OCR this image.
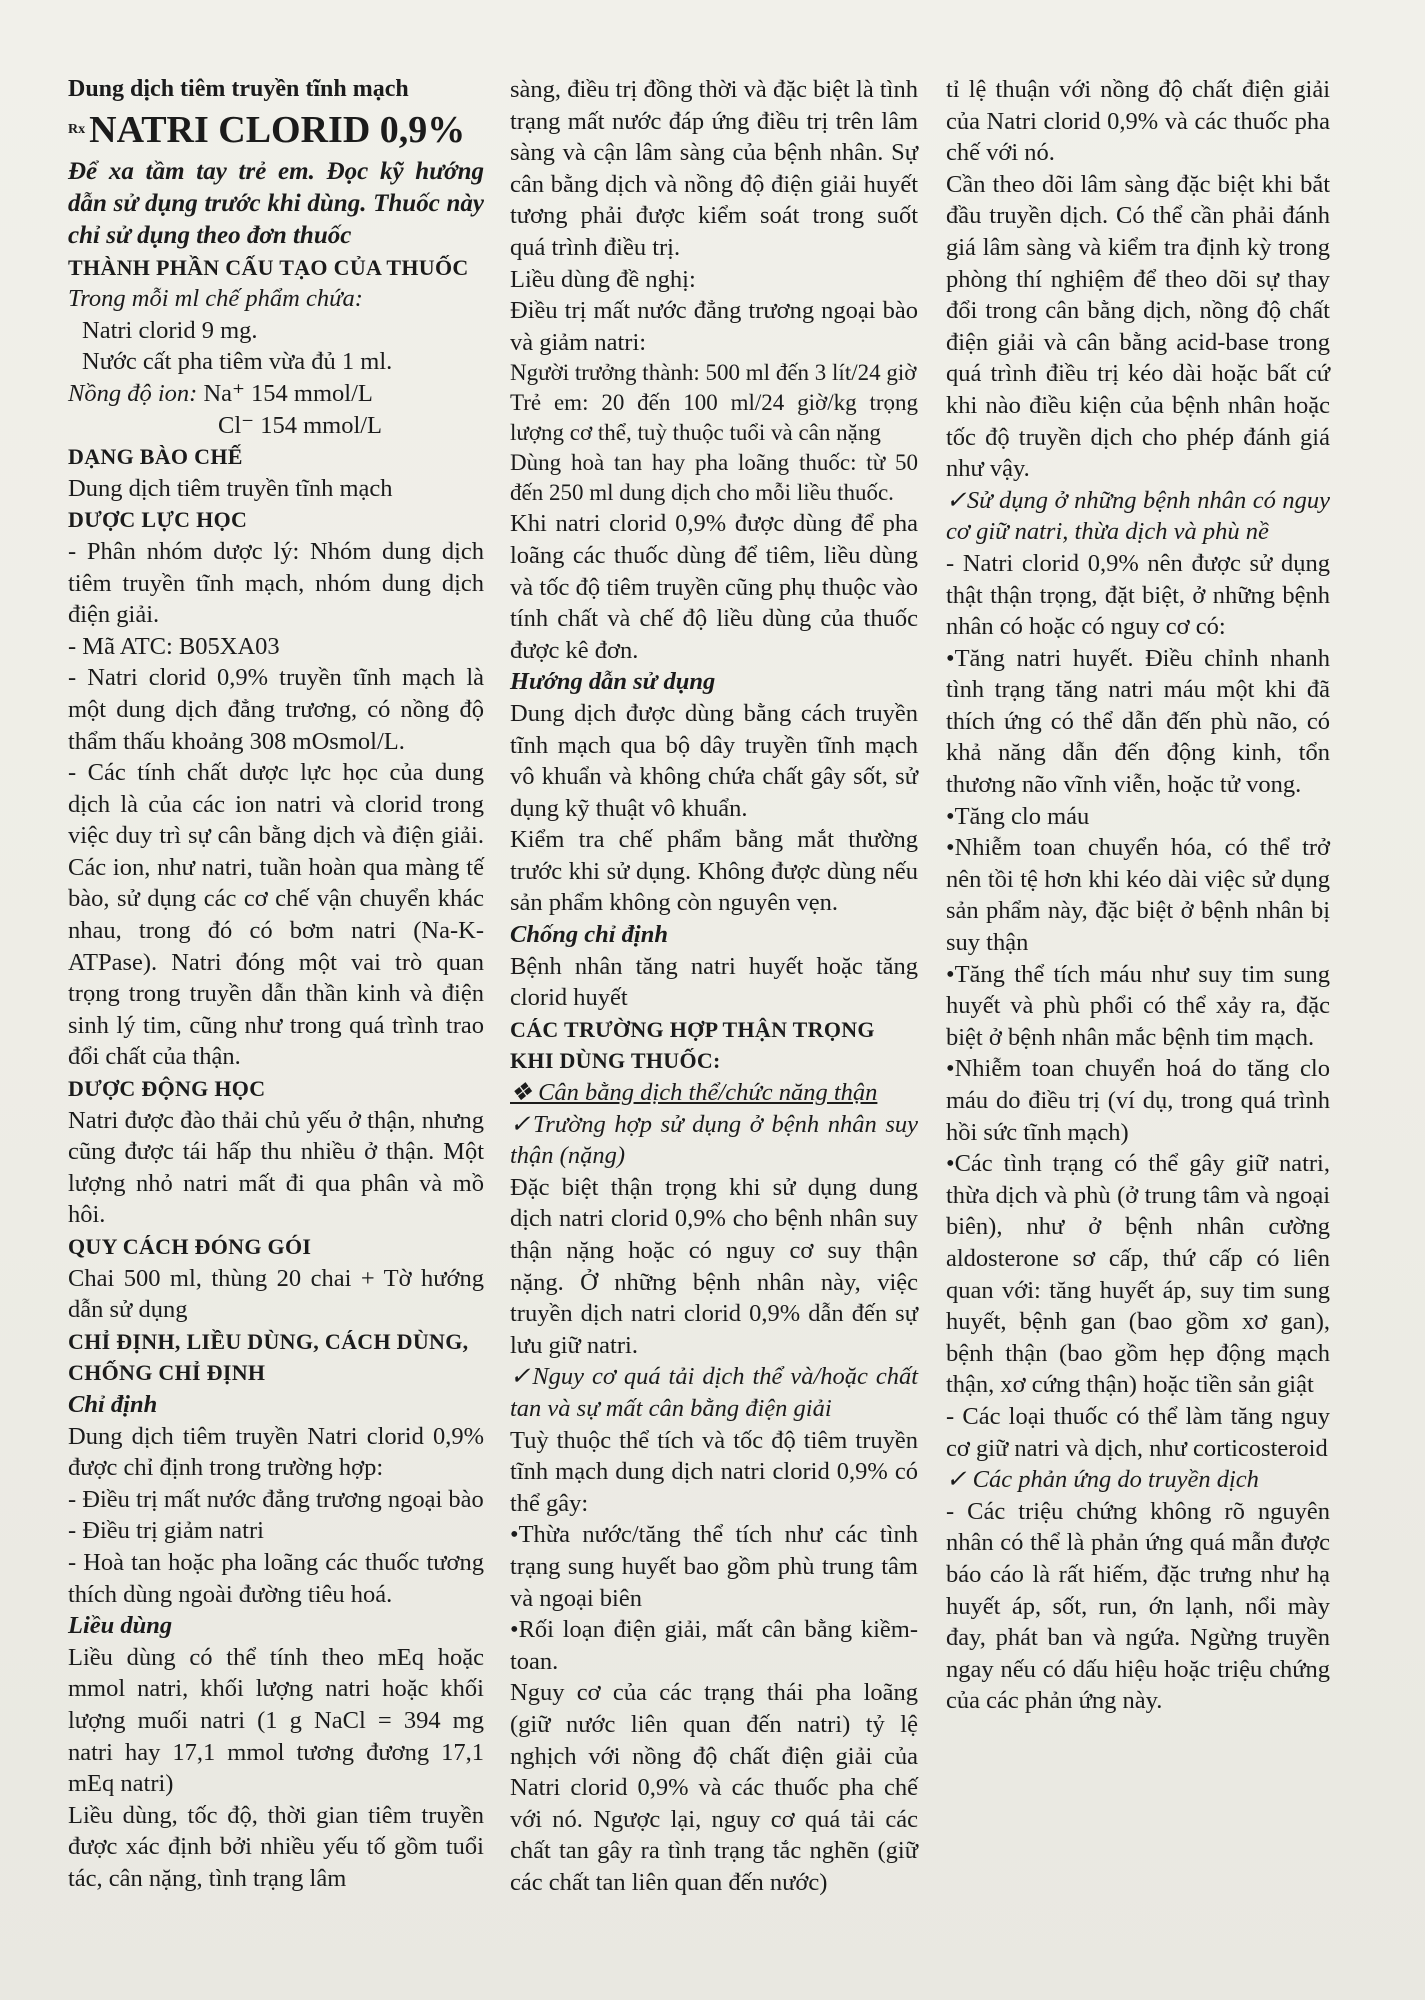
Dung dịch tiêm truyền tĩnh mạch

$^{Rx}$ NATRI CLORID 0,9%

Để xa tầm tay trẻ em. Đọc kỹ hướng dẫn sử dụng trước khi dùng. Thuốc này chỉ sử dụng theo đơn thuốc

THÀNH PHẦN CẤU TẠO CỦA THUỐC

Trong mỗi ml chế phẩm chứa:

Natri clorid 9 mg.

Nước cất pha tiêm vừa đủ 1 ml.

Nồng độ ion: Na⁺ 154 mmol/L

Cl⁻ 154 mmol/L

DẠNG BÀO CHẾ

Dung dịch tiêm truyền tĩnh mạch

DƯỢC LỰC HỌC

- Phân nhóm dược lý: Nhóm dung dịch tiêm truyền tĩnh mạch, nhóm dung dịch điện giải.

- Mã ATC: B05XA03

- Natri clorid 0,9% truyền tĩnh mạch là một dung dịch đẳng trương, có nồng độ thẩm thấu khoảng 308 mOsmol/L.

- Các tính chất dược lực học của dung dịch là của các ion natri và clorid trong việc duy trì sự cân bằng dịch và điện giải. Các ion, như natri, tuần hoàn qua màng tế bào, sử dụng các cơ chế vận chuyển khác nhau, trong đó có bơm natri (Na-K-ATPase). Natri đóng một vai trò quan trọng trong truyền dẫn thần kinh và điện sinh lý tim, cũng như trong quá trình trao đổi chất của thận.

DƯỢC ĐỘNG HỌC

Natri được đào thải chủ yếu ở thận, nhưng cũng được tái hấp thu nhiều ở thận. Một lượng nhỏ natri mất đi qua phân và mồ hôi.

QUY CÁCH ĐÓNG GÓI

Chai 500 ml, thùng 20 chai + Tờ hướng dẫn sử dụng

CHỈ ĐỊNH, LIỀU DÙNG, CÁCH DÙNG, CHỐNG CHỈ ĐỊNH

Chỉ định

Dung dịch tiêm truyền Natri clorid 0,9% được chỉ định trong trường hợp:

- Điều trị mất nước đẳng trương ngoại bào

- Điều trị giảm natri

- Hoà tan hoặc pha loãng các thuốc tương thích dùng ngoài đường tiêu hoá.

Liều dùng

Liều dùng có thể tính theo mEq hoặc mmol natri, khối lượng natri hoặc khối lượng muối natri (1 g NaCl = 394 mg natri hay 17,1 mmol tương đương 17,1 mEq natri)

Liều dùng, tốc độ, thời gian tiêm truyền được xác định bởi nhiều yếu tố gồm tuổi tác, cân nặng, tình trạng lâm

sàng, điều trị đồng thời và đặc biệt là tình trạng mất nước đáp ứng điều trị trên lâm sàng và cận lâm sàng của bệnh nhân. Sự cân bằng dịch và nồng độ điện giải huyết tương phải được kiểm soát trong suốt quá trình điều trị.

Liều dùng đề nghị:

Điều trị mất nước đẳng trương ngoại bào và giảm natri:

Người trưởng thành: 500 ml đến 3 lít/24 giờ

Trẻ em: 20 đến 100 ml/24 giờ/kg trọng lượng cơ thể, tuỳ thuộc tuổi và cân nặng

Dùng hoà tan hay pha loãng thuốc: từ 50 đến 250 ml dung dịch cho mỗi liều thuốc.

Khi natri clorid 0,9% được dùng để pha loãng các thuốc dùng để tiêm, liều dùng và tốc độ tiêm truyền cũng phụ thuộc vào tính chất và chế độ liều dùng của thuốc được kê đơn.

Hướng dẫn sử dụng

Dung dịch được dùng bằng cách truyền tĩnh mạch qua bộ dây truyền tĩnh mạch vô khuẩn và không chứa chất gây sốt, sử dụng kỹ thuật vô khuẩn.

Kiểm tra chế phẩm bằng mắt thường trước khi sử dụng. Không được dùng nếu sản phẩm không còn nguyên vẹn.

Chống chỉ định

Bệnh nhân tăng natri huyết hoặc tăng clorid huyết

CÁC TRƯỜNG HỢP THẬN TRỌNG KHI DÙNG THUỐC:

❖ Cân bằng dịch thể/chức năng thận

✓Trường hợp sử dụng ở bệnh nhân suy thận (nặng)

Đặc biệt thận trọng khi sử dụng dung dịch natri clorid 0,9% cho bệnh nhân suy thận nặng hoặc có nguy cơ suy thận nặng. Ở những bệnh nhân này, việc truyền dịch natri clorid 0,9% dẫn đến sự lưu giữ natri.

✓Nguy cơ quá tải dịch thể và/hoặc chất tan và sự mất cân bằng điện giải

Tuỳ thuộc thể tích và tốc độ tiêm truyền tĩnh mạch dung dịch natri clorid 0,9% có thể gây:

•Thừa nước/tăng thể tích như các tình trạng sung huyết bao gồm phù trung tâm và ngoại biên

•Rối loạn điện giải, mất cân bằng kiềm-toan.

Nguy cơ của các trạng thái pha loãng (giữ nước liên quan đến natri) tỷ lệ nghịch với nồng độ chất điện giải của Natri clorid 0,9% và các thuốc pha chế với nó. Ngược lại, nguy cơ quá tải các chất tan gây ra tình trạng tắc nghẽn (giữ các chất tan liên quan đến nước)

tỉ lệ thuận với nồng độ chất điện giải của Natri clorid 0,9% và các thuốc pha chế với nó.

Cần theo dõi lâm sàng đặc biệt khi bắt đầu truyền dịch. Có thể cần phải đánh giá lâm sàng và kiểm tra định kỳ trong phòng thí nghiệm để theo dõi sự thay đổi trong cân bằng dịch, nồng độ chất điện giải và cân bằng acid-base trong quá trình điều trị kéo dài hoặc bất cứ khi nào điều kiện của bệnh nhân hoặc tốc độ truyền dịch cho phép đánh giá như vậy.

✓Sử dụng ở những bệnh nhân có nguy cơ giữ natri, thừa dịch và phù nề

- Natri clorid 0,9% nên được sử dụng thật thận trọng, đặt biệt, ở những bệnh nhân có hoặc có nguy cơ có:

•Tăng natri huyết. Điều chỉnh nhanh tình trạng tăng natri máu một khi đã thích ứng có thể dẫn đến phù não, có khả năng dẫn đến động kinh, tổn thương não vĩnh viễn, hoặc tử vong.

•Tăng clo máu

•Nhiễm toan chuyển hóa, có thể trở nên tồi tệ hơn khi kéo dài việc sử dụng sản phẩm này, đặc biệt ở bệnh nhân bị suy thận

•Tăng thể tích máu như suy tim sung huyết và phù phổi có thể xảy ra, đặc biệt ở bệnh nhân mắc bệnh tim mạch.

•Nhiễm toan chuyển hoá do tăng clo máu do điều trị (ví dụ, trong quá trình hồi sức tĩnh mạch)

•Các tình trạng có thể gây giữ natri, thừa dịch và phù (ở trung tâm và ngoại biên), như ở bệnh nhân cường aldosterone sơ cấp, thứ cấp có liên quan với: tăng huyết áp, suy tim sung huyết, bệnh gan (bao gồm xơ gan), bệnh thận (bao gồm hẹp động mạch thận, xơ cứng thận) hoặc tiền sản giật

- Các loại thuốc có thể làm tăng nguy cơ giữ natri và dịch, như corticosteroid

✓ Các phản ứng do truyền dịch

- Các triệu chứng không rõ nguyên nhân có thể là phản ứng quá mẫn được báo cáo là rất hiếm, đặc trưng như hạ huyết áp, sốt, run, ớn lạnh, nổi mày đay, phát ban và ngứa. Ngừng truyền ngay nếu có dấu hiệu hoặc triệu chứng của các phản ứng này.
